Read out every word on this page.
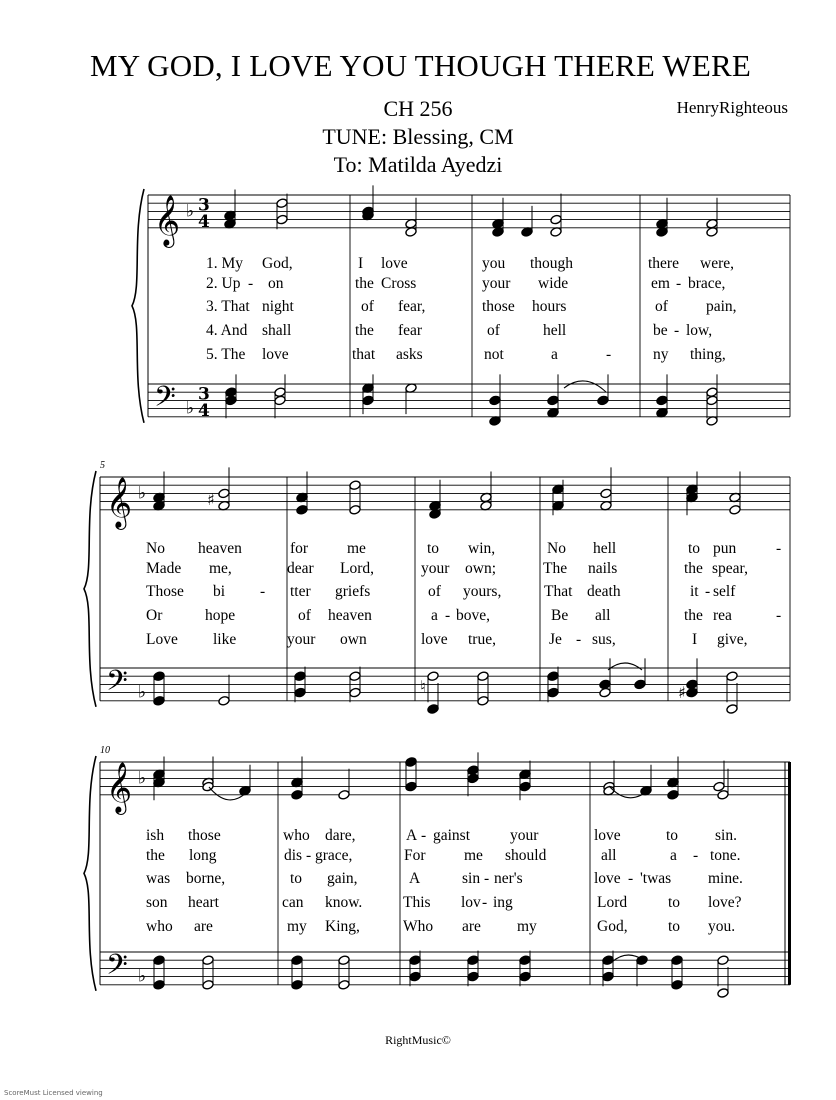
MY GOD, I LOVE YOU THOUGH THERE WERE
CH 256
TUNE: Blessing, CM
To: Matilda Ayedzi
HenryRighteous
𝄞
𝄢
♭
♭
3
4
3
4
𝄞
𝄢
♭
♭
5
𝄞
𝄢
♭
♭
10
♯
♮	♯
1. My God,	I love	you though	there were,
2. Up - on	the Cross	your wide	em - brace,
3. That night	of fear,	those hours	of pain,
4. And shall	the fear	of	hell	be - low,
5. The love	that asks	not	a	-	ny thing,
No heaven	for	me	to win,	No hell	to pun	-
Made me,	dear Lord,	your own;	The nails	the spear,
Those bi - tter griefs	of yours,	That death	it - self
Or	hope	of heaven	a - bove,	Be all	the rea	-
Love like	your own	love true,	Je - sus,	I give,
ish those	who dare,	A - gainst	your	love	to sin.
the long	dis - grace,	For me should	all	a - tone.
was borne,	to gain,	A	sin - ner's	love - 'twas mine.
son heart	can know.	This lov - ing	Lord	to love?
who are	my King,	Who are my	God,	to you.
RightMusic©
ScoreMust Licensed viewing
